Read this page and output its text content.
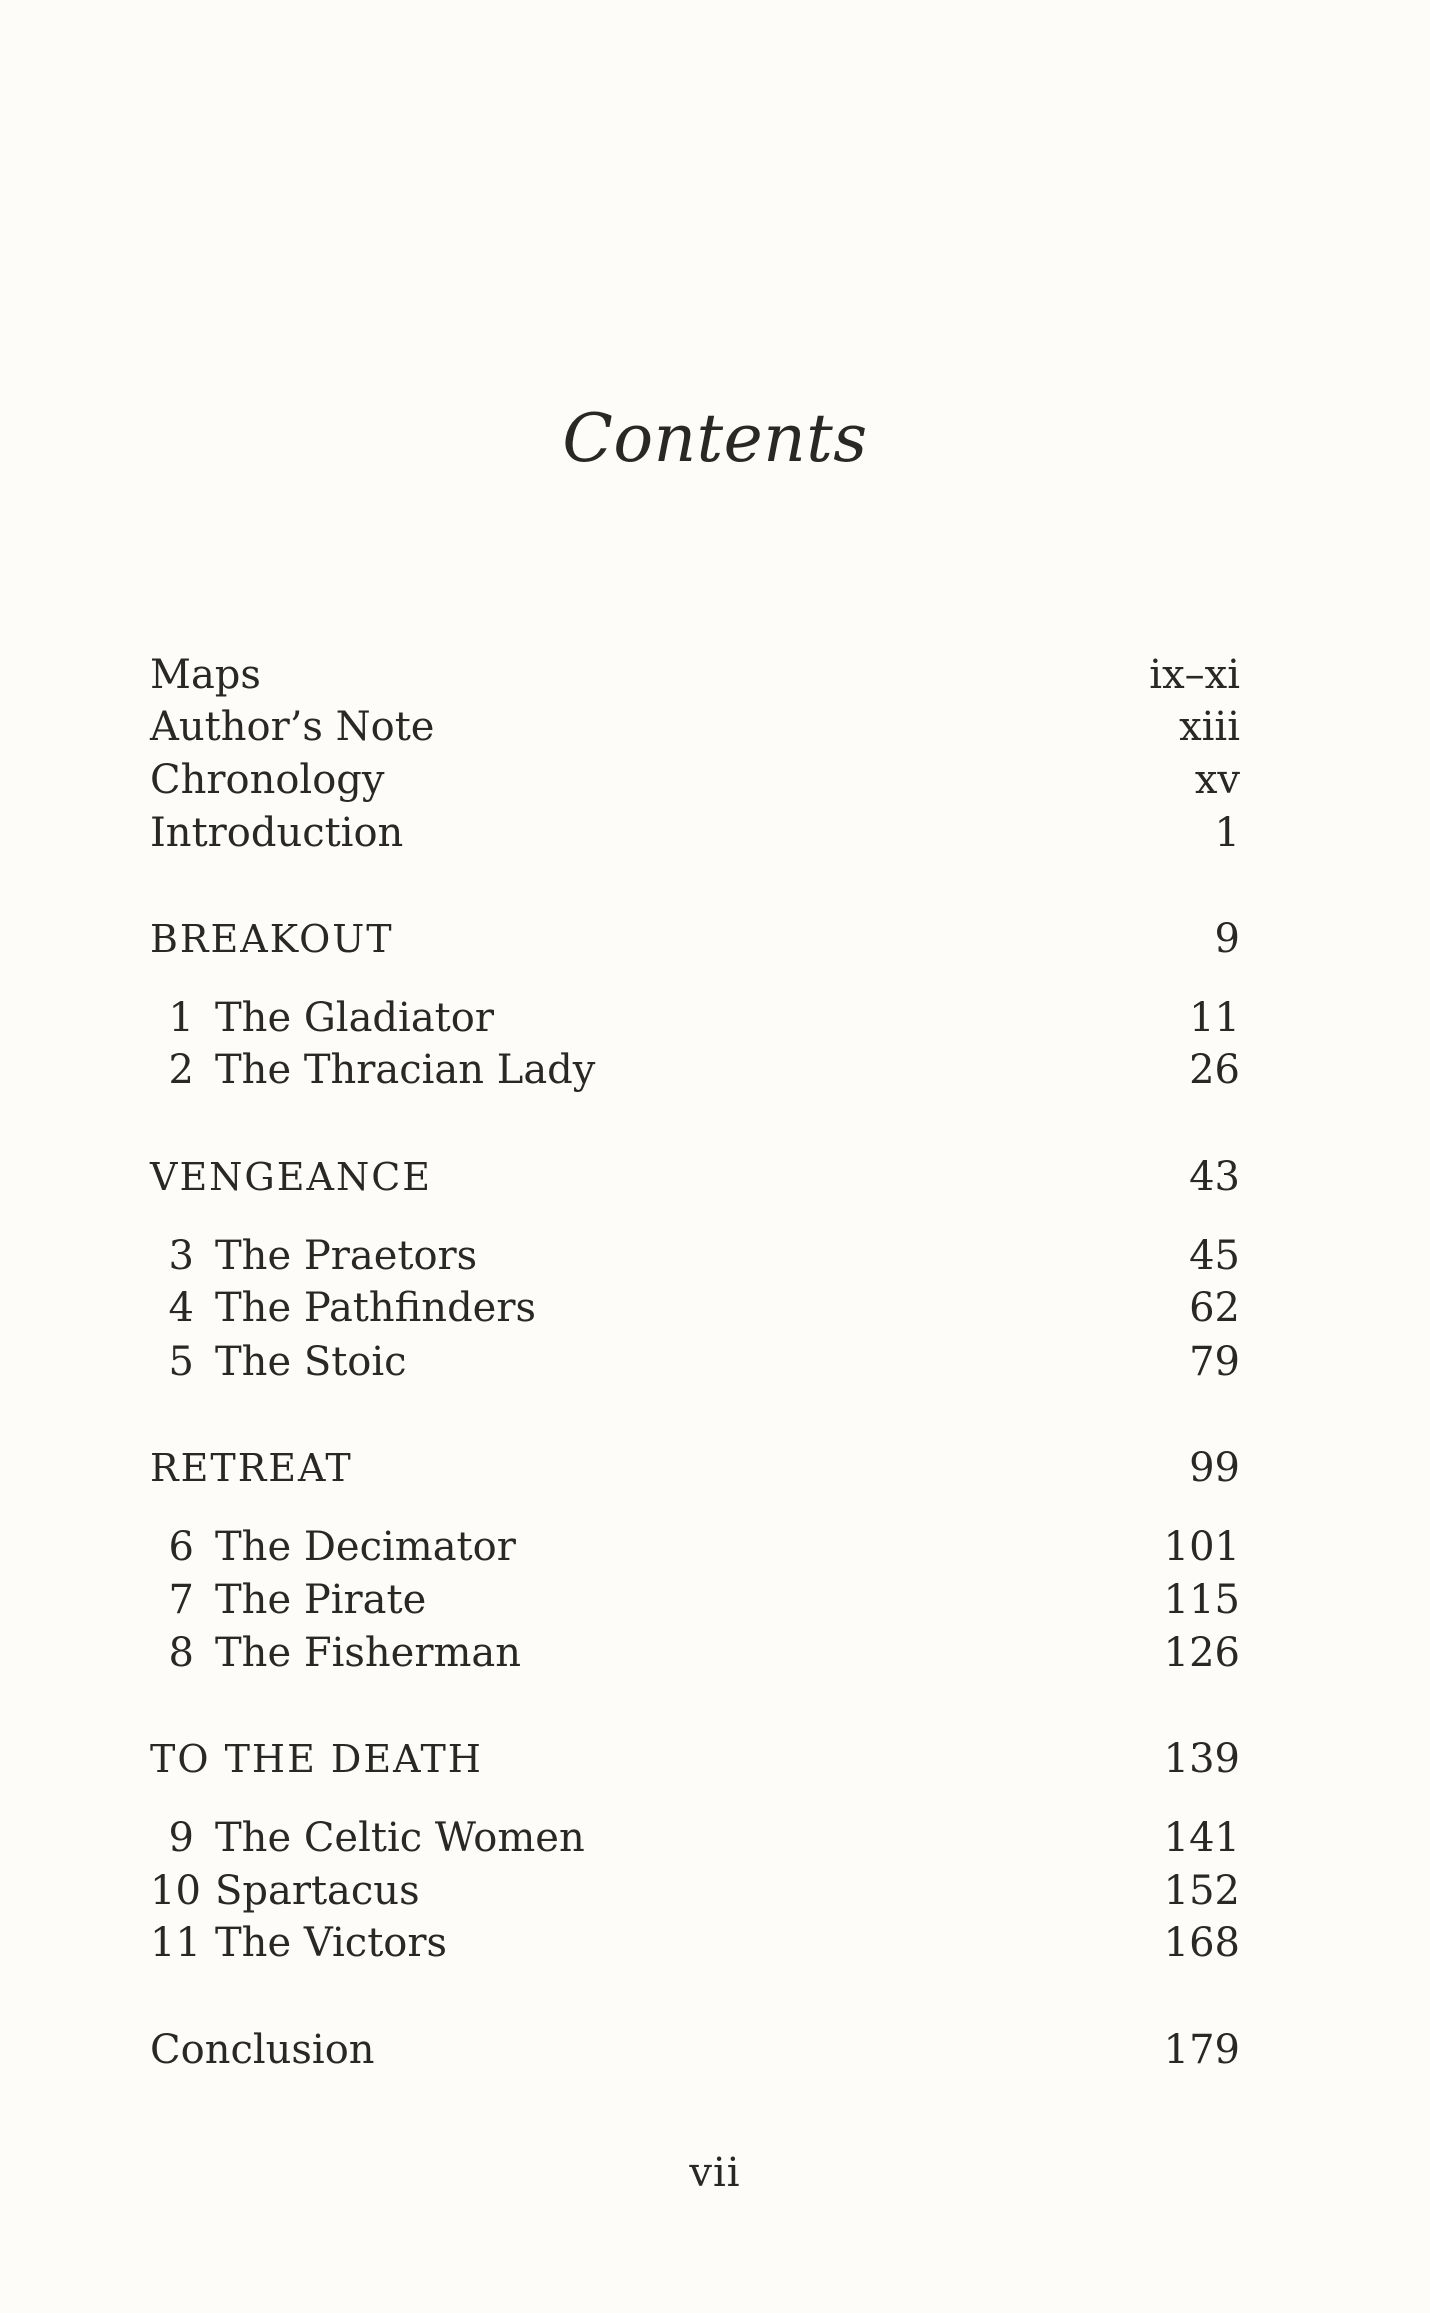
Contents
Maps	ix–xi
Author’s Note	xiii
Chronology	xv
Introduction	1
BREAKOUT	9
1 The Gladiator	11
2 The Thracian Lady	26
VENGEANCE	43
3 The Praetors	45
4 The Pathfinders	62
5 The Stoic	79
RETREAT	99
6 The Decimator	101
7 The Pirate	115
8 The Fisherman	126
TO THE DEATH	139
9 The Celtic Women	141
10 Spartacus	152
11 The Victors	168
Conclusion	179
vii
